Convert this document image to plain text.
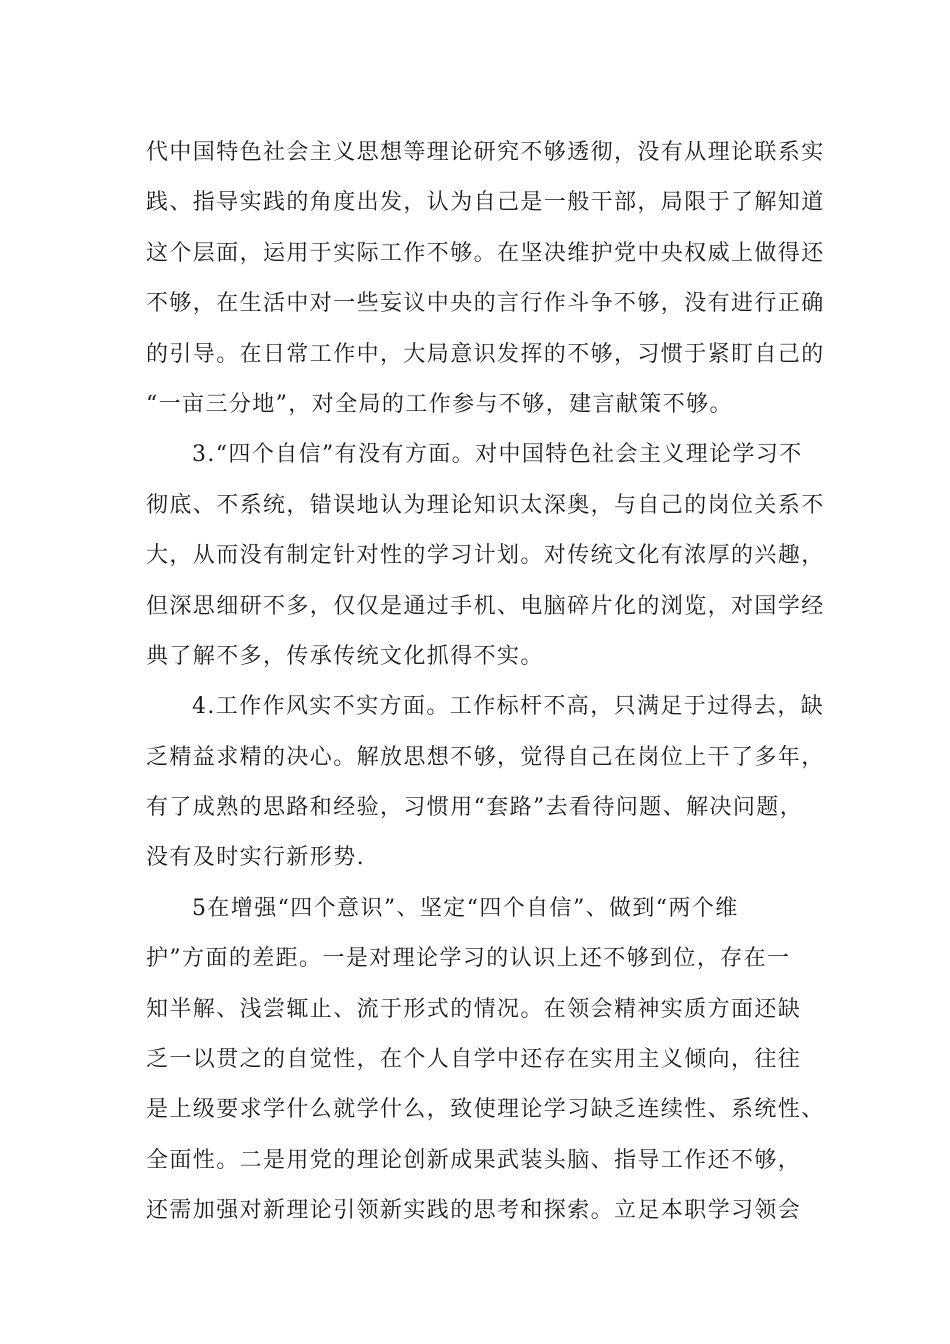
代中国特色社会主义思想等理论研究不够透彻，没有从理论联系实
践、指导实践的角度出发，认为自己是一般干部，局限于了解知道
这个层面，运用于实际工作不够。在坚决维护党中央权威上做得还
不够，在生活中对一些妄议中央的言行作斗争不够，没有进行正确
的引导。在日常工作中，大局意识发挥的不够，习惯于紧盯自己的
“一亩三分地”，对全局的工作参与不够，建言献策不够。
3.“四个自信”有没有方面。对中国特色社会主义理论学习不
彻底、不系统，错误地认为理论知识太深奥，与自己的岗位关系不
大，从而没有制定针对性的学习计划。对传统文化有浓厚的兴趣，
但深思细研不多，仅仅是通过手机、电脑碎片化的浏览，对国学经
典了解不多，传承传统文化抓得不实。
4.工作作风实不实方面。工作标杆不高，只满足于过得去，缺
乏精益求精的决心。解放思想不够，觉得自己在岗位上干了多年，
有了成熟的思路和经验，习惯用“套路”去看待问题、解决问题，
没有及时实行新形势.
5在增强“四个意识”、坚定“四个自信”、做到“两个维
护”方面的差距。一是对理论学习的认识上还不够到位，存在一
知半解、浅尝辄止、流于形式的情况。在领会精神实质方面还缺
乏一以贯之的自觉性，在个人自学中还存在实用主义倾向，往往
是上级要求学什么就学什么，致使理论学习缺乏连续性、系统性、
全面性。二是用党的理论创新成果武装头脑、指导工作还不够，
还需加强对新理论引领新实践的思考和探索。立足本职学习领会
